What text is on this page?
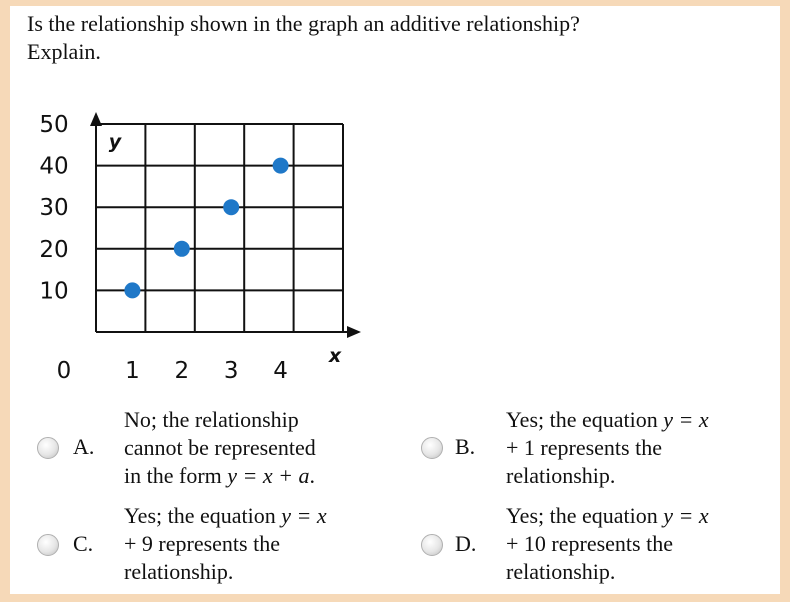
Is the relationship shown in the graph an additive relationship?
Explain.
10
20
30
40
50
0 1 2 3 4
x
y
A.
No; the relationship
cannot be represented
in the form y = x + a.
B.
Yes; the equation y = x
+ 1 represents the
relationship.
C.
Yes; the equation y = x
+ 9 represents the
relationship.
D.
Yes; the equation y = x
+ 10 represents the
relationship.
